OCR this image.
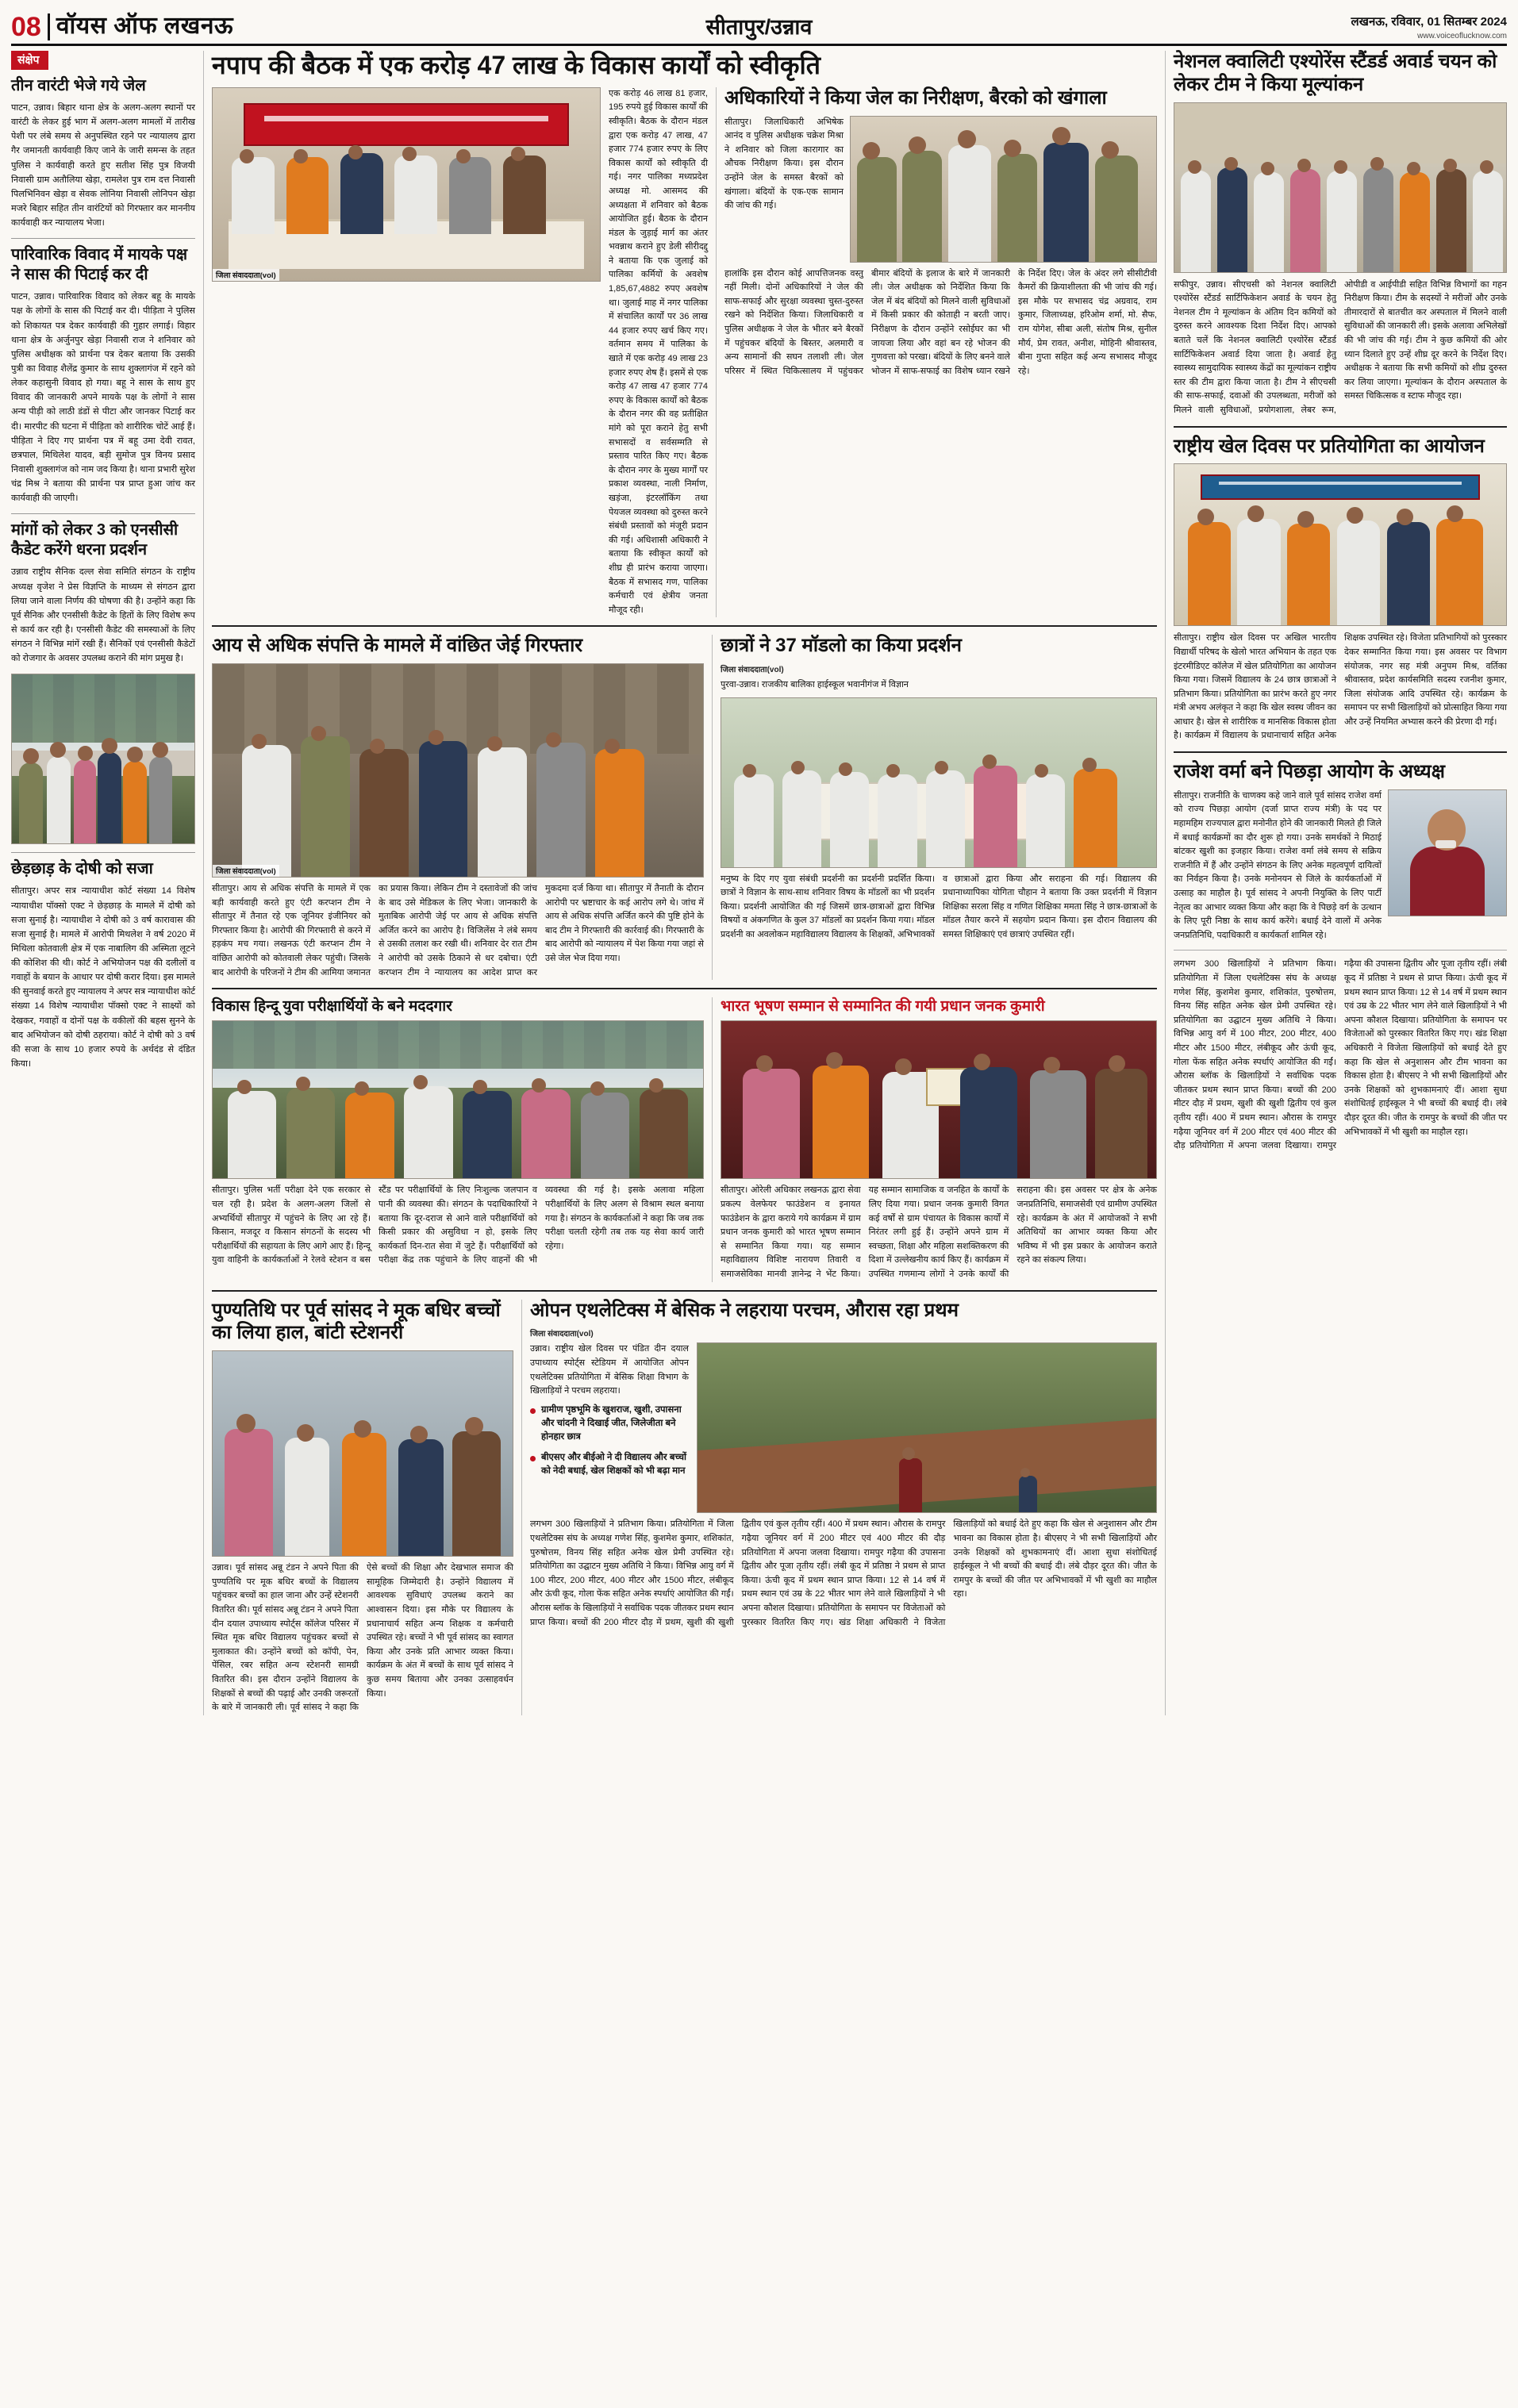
08 वॉयस ऑफ लखनऊ	सीतापुर/उन्नाव	लखनऊ, रविवार, 01 सितम्बर 2024
www.voiceoflucknow.com
संक्षेप
तीन वारंटी भेजे गये जेल
पाटन, उन्नाव। बिहार थाना क्षेत्र के अलग-अलग स्थानों पर वारंटी के लेकर हुई भाग में अलग-अलग मामलों में तारीख पेशी पर लंबे समय से अनुपस्थित रहने पर न्यायालय द्वारा गैर जमानती कार्यवाही किए जाने के जारी समन्स के तहत पुलिस ने कार्यवाही करते हुए सतीश सिंह पुत्र विजयी निवासी ग्राम अतौलिया खेड़ा, रामलेश पुत्र राम दत्त निवासी पिलभिनिवन खेड़ा व सेवक लोनिया निवासी लोनिपन खेड़ा मजरे बिहार सहित तीन वारंटियों को गिरफ्तार कर माननीय कार्यवाही कर न्यायालय भेजा।
पारिवारिक विवाद में मायके पक्ष ने सास की पिटाई कर दी
पाटन, उन्नाव। पारिवारिक विवाद को लेकर बहू के मायके पक्ष के लोगों के सास की पिटाई कर दी। पीड़िता ने पुलिस को शिकायत पत्र देकर कार्यवाही की गुहार लगाई। विहार थाना क्षेत्र के अर्जुनपुर खेड़ा निवासी राज ने शनिवार को पुलिस अधीक्षक को प्रार्थना पत्र देकर बताया कि उसकी पुत्री का विवाह शैलेंद्र कुमार के साथ शुक्लागंज में रहने को लेकर कहासुनी विवाद हो गया। बहू ने सास के साथ हुए विवाद की जानकारी अपने मायके पक्ष के लोगों ने सास अन्य पीड़ी को लाठी डंडों से पीटा और जानकर पिटाई कर दी। मारपीट की घटना में पीड़िता को शारीरिक चोटें आई हैं। पीड़िता ने दिए गए प्रार्थना पत्र में बहू उमा देवी रावत, छत्रपाल, मिथिलेश यादव, बड़ी सुमोज पुत्र विनय प्रसाद निवासी शुक्लागंज को नाम जद किया है। थाना प्रभारी सुरेश चंद्र मिश्र ने बताया की प्रार्थना पत्र प्राप्त हुआ जांच कर कार्यवाही की जाएगी।
मांगों को लेकर 3 को एनसीसी कैडेट करेंगे धरना प्रदर्शन
उन्नाव राष्ट्रीय सैनिक दल्ल सेवा समिति संगठन के राष्ट्रीय अध्यक्ष वृजेश ने प्रेस विज्ञप्ति के माध्यम से संगठन द्वारा लिया जाने वाला निर्णय की घोषणा की है। उन्होंने कहा कि पूर्व सैनिक और एनसीसी कैडेट के हितों के लिए विशेष रूप से कार्य कर रही है। एनसीसी कैडेट की समस्याओं के लिए संगठन ने विभिन्न मांगें रखी हैं। सैनिकों एवं एनसीसी कैडेटों को रोजगार के अवसर उपलब्ध कराने की मांग प्रमुख है।
छेड़छाड़ के दोषी को सजा
सीतापुर। अपर सत्र न्यायाधीश कोर्ट संख्या 14 विशेष न्यायाधीश पॉक्सो एक्ट ने छेड़छाड़ के मामले में दोषी को सजा सुनाई है। न्यायाधीश ने दोषी को 3 वर्ष कारावास की सजा सुनाई है। मामले में आरोपी मिथलेश ने वर्ष 2020 में मिथिला कोतवाली क्षेत्र में एक नाबालिग की अस्मिता लूटने की कोशिश की थी। कोर्ट ने अभियोजन पक्ष की दलीलों व गवाहों के बयान के आधार पर दोषी करार दिया। इस मामले की सुनवाई करते हुए न्यायालय ने अपर सत्र न्यायाधीश कोर्ट संख्या 14 विशेष न्यायाधीश पॉक्सो एक्ट ने साक्ष्यों को देखकर, गवाहों व दोनों पक्ष के वकीलों की बहस सुनने के बाद अभियोजन को दोषी ठहराया। कोर्ट ने दोषी को 3 वर्ष की सजा के साथ 10 हजार रुपये के अर्थदंड से दंडित किया।
नपाप की बैठक में एक करोड़ 47 लाख के विकास कार्यों को स्वीकृति
जिला संवाददाता(vol)
एक करोड़ 46 लाख 81 हजार, 195 रुपये हुई विकास कार्यों की स्वीकृति। बैठक के दौरान मंडल द्वारा एक करोड़ 47 लाख, 47 हजार 774 हजार रुपए के लिए विकास कार्यों को स्वीकृति दी गई। नगर पालिका मध्यप्रदेश अध्यक्ष मो. आसमद की अध्यक्षता में शनिवार को बैठक आयोजित हुई। बैठक के दौरान मंडल के जुड़ाई मार्ग का अंतर भवन्नाथ कराने हुए डेली सीरीदद्दु ने बताया कि एक जुलाई को पालिका कर्मियों के अवशेष 1,85,67,4882 रुपए अवशेष था। जुलाई माह में नगर पालिका में संचालित कार्यों पर 36 लाख 44 हजार रुपए खर्च किए गए। वर्तमान समय में पालिका के खाते में एक करोड़ 49 लाख 23 हजार रुपए शेष हैं। इसमें से एक करोड़ 47 लाख 47 हजार 774 रुपए के विकास कार्यों को बैठक के दौरान नगर की वह प्रतीक्षित मांगे को पूरा कराने हेतु सभी सभासदों व सर्वसम्मति से प्रस्ताव पारित किए गए। बैठक के दौरान नगर के मुख्य मार्गों पर प्रकाश व्यवस्था, नाली निर्माण, खड़ंजा, इंटरलॉकिंग तथा पेयजल व्यवस्था को दुरुस्त करने संबंधी प्रस्तावों को मंजूरी प्रदान की गई। अधिशासी अधिकारी ने बताया कि स्वीकृत कार्यों को शीघ्र ही प्रारंभ कराया जाएगा। बैठक में सभासद गण, पालिका कर्मचारी एवं क्षेत्रीय जनता मौजूद रही।
अधिकारियों ने किया जेल का निरीक्षण, बैरको को खंगाला
सीतापुर। जिलाधिकारी अभिषेक आनंद व पुलिस अधीक्षक चक्रेश मिश्रा ने शनिवार को जिला कारागार का औचक निरीक्षण किया। इस दौरान उन्होंने जेल के समस्त बैरकों को खंगाला। बंदियों के एक-एक सामान की जांच की गई।
हालांकि इस दौरान कोई आपत्तिजनक वस्तु नहीं मिली। दोनों अधिकारियों ने जेल की साफ-सफाई और सुरक्षा व्यवस्था चुस्त-दुरुस्त रखने को निर्देशित किया। जिलाधिकारी व पुलिस अधीक्षक ने जेल के भीतर बने बैरकों में पहुंचकर बंदियों के बिस्तर, अलमारी व अन्य सामानों की सघन तलाशी ली। जेल परिसर में स्थित चिकित्सालय में पहुंचकर बीमार बंदियों के इलाज के बारे में जानकारी ली। जेल अधीक्षक को निर्देशित किया कि जेल में बंद बंदियों को मिलने वाली सुविधाओं में किसी प्रकार की कोताही न बरती जाए। निरीक्षण के दौरान उन्होंने रसोईघर का भी जायजा लिया और वहां बन रहे भोजन की गुणवत्ता को परखा। बंदियों के लिए बनने वाले भोजन में साफ-सफाई का विशेष ध्यान रखने के निर्देश दिए। जेल के अंदर लगे सीसीटीवी कैमरों की क्रियाशीलता की भी जांच की गई। इस मौके पर सभासद चंद्र अग्रवाद, राम कुमार, जिलाध्यक्ष, हरिओम शर्मा, मो. सैफ, राम योगेश, सीबा अली, संतोष मिश्र, सुनील मौर्य, प्रेम रावत, अनीश, मोहिनी श्रीवास्तव, बीना गुप्ता सहित कई अन्य सभासद मौजूद रहे।
आय से अधिक संपत्ति के मामले में वांछित जेई गिरफ्तार
जिला संवाददाता(vol)
सीतापुर। आय से अधिक संपत्ति के मामले में एक बड़ी कार्यवाही करते हुए एंटी करप्शन टीम ने सीतापुर में तैनात रहे एक जूनियर इंजीनियर को गिरफ्तार किया है। आरोपी की गिरफ्तारी से करने में हड़कंप मच गया। लखनऊ एंटी करप्शन टीम ने वांछित आरोपी को कोतवाली लेकर पहुंची। जिसके बाद आरोपी के परिजनों ने टीम की आमिया जमानत का प्रयास किया। लेकिन टीम ने दस्तावेजों की जांच के बाद उसे मेडिकल के लिए भेजा। जानकारी के मुताबिक आरोपी जेई पर आय से अधिक संपत्ति अर्जित करने का आरोप है। विजिलेंस ने लंबे समय से उसकी तलाश कर रखी थी। शनिवार देर रात टीम ने आरोपी को उसके ठिकाने से धर दबोचा। एंटी करप्शन टीम ने न्यायालय का आदेश प्राप्त कर मुकदमा दर्ज किया था। सीतापुर में तैनाती के दौरान आरोपी पर भ्रष्टाचार के कई आरोप लगे थे। जांच में आय से अधिक संपत्ति अर्जित करने की पुष्टि होने के बाद टीम ने गिरफ्तारी की कार्रवाई की। गिरफ्तारी के बाद आरोपी को न्यायालय में पेश किया गया जहां से उसे जेल भेज दिया गया।
छात्रों ने 37 मॉडलो का किया प्रदर्शन
जिला संवाददाता(vol)
पुरवा-उन्नाव। राजकीय बालिका हाईस्कूल भवानीगंज में विज्ञान
मनुष्य के दिए गए युवा संबंधी प्रदर्शनी का प्रदर्शनी प्रदर्शित किया। छात्रों ने विज्ञान के साथ-साथ शनिवार विषय के मॉडलों का भी प्रदर्शन किया। प्रदर्शनी आयोजित की गई जिसमें छात्र-छात्राओं द्वारा विभिन्न विषयों व अंकगणित के कुल 37 मॉडलों का प्रदर्शन किया गया। मॉडल प्रदर्शनी का अवलोकन महाविद्यालय विद्यालय के शिक्षकों, अभिभावकों व छात्राओं द्वारा किया और सराहना की गई। विद्यालय की प्रधानाध्यापिका योगिता चौहान ने बताया कि उक्त प्रदर्शनी में विज्ञान शिक्षिका सरला सिंह व गणित शिक्षिका ममता सिंह ने छात्र-छात्राओं के मॉडल तैयार करने में सहयोग प्रदान किया। इस दौरान विद्यालय की समस्त शिक्षिकाएं एवं छात्राएं उपस्थित रहीं।
विकास हिन्दू युवा परीक्षार्थियों के बने मददगार
सीतापुर। पुलिस भर्ती परीक्षा देने एक सरकार से चल रही है। प्रदेश के अलग-अलग जिलों से अभ्यर्थियों सीतापुर में पहुंचने के लिए आ रहे हैं। किसान, मजदूर व किसान संगठनों के सदस्य भी परीक्षार्थियों की सहायता के लिए आगे आए हैं। हिन्दू युवा वाहिनी के कार्यकर्ताओं ने रेलवे स्टेशन व बस स्टैंड पर परीक्षार्थियों के लिए निःशुल्क जलपान व पानी की व्यवस्था की। संगठन के पदाधिकारियों ने बताया कि दूर-दराज से आने वाले परीक्षार्थियों को किसी प्रकार की असुविधा न हो, इसके लिए कार्यकर्ता दिन-रात सेवा में जुटे हैं। परीक्षार्थियों को परीक्षा केंद्र तक पहुंचाने के लिए वाहनों की भी व्यवस्था की गई है। इसके अलावा महिला परीक्षार्थियों के लिए अलग से विश्राम स्थल बनाया गया है। संगठन के कार्यकर्ताओं ने कहा कि जब तक परीक्षा चलती रहेगी तब तक यह सेवा कार्य जारी रहेगा।
भारत भूषण सम्मान से सम्मानित की गयी प्रधान जनक कुमारी
सीतापुर। ओरेली अधिकार लखनऊ द्वारा सेवा प्रकल्प वेलफेयर फाउंडेशन व इनायत फाउंडेशन के द्वारा कराये गये कार्यक्रम में ग्राम प्रधान जनक कुमारी को भारत भूषण सम्मान से सम्मानित किया गया। यह सम्मान महाविद्यालय विशिष्ट नारायण तिवारी व समाजसेविका मानवी ज्ञानेन्द्र ने भेंट किया। यह सम्मान सामाजिक व जनहित के कार्यों के लिए दिया गया। प्रधान जनक कुमारी विगत कई वर्षों से ग्राम पंचायत के विकास कार्यों में निरंतर लगी हुई हैं। उन्होंने अपने ग्राम में स्वच्छता, शिक्षा और महिला सशक्तिकरण की दिशा में उल्लेखनीय कार्य किए हैं। कार्यक्रम में उपस्थित गणमान्य लोगों ने उनके कार्यों की सराहना की। इस अवसर पर क्षेत्र के अनेक जनप्रतिनिधि, समाजसेवी एवं ग्रामीण उपस्थित रहे। कार्यक्रम के अंत में आयोजकों ने सभी अतिथियों का आभार व्यक्त किया और भविष्य में भी इस प्रकार के आयोजन कराते रहने का संकल्प लिया।
पुण्यतिथि पर पूर्व सांसद ने मूक बधिर बच्चों का लिया हाल, बांटी स्टेशनरी
उन्नाव। पूर्व सांसद अन्नू टंडन ने अपने पिता की पुण्यतिथि पर मूक बधिर बच्चों के विद्यालय पहुंचकर बच्चों का हाल जाना और उन्हें स्टेशनरी वितरित की। पूर्व सांसद अन्नू टंडन ने अपने पिता दीन दयाल उपाध्याय स्पोर्ट्स कॉलेज परिसर में स्थित मूक बधिर विद्यालय पहुंचकर बच्चों से मुलाकात की। उन्होंने बच्चों को कॉपी, पेन, पेंसिल, रबर सहित अन्य स्टेशनरी सामग्री वितरित की। इस दौरान उन्होंने विद्यालय के शिक्षकों से बच्चों की पढ़ाई और उनकी जरूरतों के बारे में जानकारी ली। पूर्व सांसद ने कहा कि ऐसे बच्चों की शिक्षा और देखभाल समाज की सामूहिक जिम्मेदारी है। उन्होंने विद्यालय में आवश्यक सुविधाएं उपलब्ध कराने का आश्वासन दिया। इस मौके पर विद्यालय के प्रधानाचार्य सहित अन्य शिक्षक व कर्मचारी उपस्थित रहे। बच्चों ने भी पूर्व सांसद का स्वागत किया और उनके प्रति आभार व्यक्त किया। कार्यक्रम के अंत में बच्चों के साथ पूर्व सांसद ने कुछ समय बिताया और उनका उत्साहवर्धन किया।
ओपन एथलेटिक्स में बेसिक ने लहराया परचम, औरास रहा प्रथम
जिला संवाददाता(vol)
उन्नाव। राष्ट्रीय खेल दिवस पर पंडित दीन दयाल उपाध्याय स्पोर्ट्स स्टेडियम में आयोजित ओपन एथलेटिक्स प्रतियोगिता में बेसिक शिक्षा विभाग के खिलाड़ियों ने परचम लहराया।
ग्रामीण पृष्ठभूमि के खुशराज, खुशी, उपासना और चांदनी ने दिखाई जीत, जिलेजीता बने होनहार छात्र
बीएसए और बीईओ ने दी विद्यालय और बच्चों को नेदी बधाई, खेल शिक्षकों को भी बढ़ा मान
लगभग 300 खिलाड़ियों ने प्रतिभाग किया। प्रतियोगिता में जिला एथलेटिक्स संघ के अध्यक्ष गणेश सिंह, कुशमेश कुमार, शशिकांत, पुरुषोत्तम, विनय सिंह सहित अनेक खेल प्रेमी उपस्थित रहे। प्रतियोगिता का उद्घाटन मुख्य अतिथि ने किया। विभिन्न आयु वर्ग में 100 मीटर, 200 मीटर, 400 मीटर और 1500 मीटर, लंबीकूद और ऊंची कूद, गोला फेंक सहित अनेक स्पर्धाएं आयोजित की गईं। औरास ब्लॉक के खिलाड़ियों ने सर्वाधिक पदक जीतकर प्रथम स्थान प्राप्त किया। बच्चों की 200 मीटर दौड़ में प्रथम, खुशी की खुशी द्वितीय एवं कुल तृतीय रहीं। 400 में प्रथम स्थान। औरास के रामपुर गढ़ैया जूनियर वर्ग में 200 मीटर एवं 400 मीटर की दौड़ प्रतियोगिता में अपना जलवा दिखाया। रामपुर गढ़ैया की उपासना द्वितीय और पूजा तृतीय रहीं। लंबी कूद में प्रतिष्ठा ने प्रथम से प्राप्त किया। ऊंची कूद में प्रथम स्थान प्राप्त किया। 12 से 14 वर्ष में प्रथम स्थान एवं उम्र के 22 भीतर भाग लेने वाले खिलाड़ियों ने भी अपना कौशल दिखाया। प्रतियोगिता के समापन पर विजेताओं को पुरस्कार वितरित किए गए। खंड शिक्षा अधिकारी ने विजेता खिलाड़ियों को बधाई देते हुए कहा कि खेल से अनुशासन और टीम भावना का विकास होता है। बीएसए ने भी सभी खिलाड़ियों और उनके शिक्षकों को शुभकामनाएं दीं। आशा सुधा संशोधितई हाईस्कूल ने भी बच्चों की बधाई दी। लंबे दौड़र दूरत की। जीत के रामपुर के बच्चों की जीत पर अभिभावकों में भी खुशी का माहौल रहा।
नेशनल क्वालिटी एश्योरेंस स्टैंडर्ड अवार्ड चयन को लेकर टीम ने किया मूल्यांकन
सफीपुर, उन्नाव। सीएचसी को नेशनल क्वालिटी एश्योरेंस स्टैंडर्ड सार्टिफिकेशन अवार्ड के चयन हेतु नेशनल टीम ने मूल्यांकन के अंतिम दिन कमियों को दुरुस्त करने आवश्यक दिशा निर्देश दिए। आपको बताते चलें कि नेशनल क्वालिटी एश्योरेंस स्टैंडर्ड सार्टिफिकेशन अवार्ड दिया जाता है। अवार्ड हेतु स्वास्थ्य सामुदायिक स्वास्थ्य केंद्रों का मूल्यांकन राष्ट्रीय स्तर की टीम द्वारा किया जाता है। टीम ने सीएचसी की साफ-सफाई, दवाओं की उपलब्धता, मरीजों को मिलने वाली सुविधाओं, प्रयोगशाला, लेबर रूम, ओपीडी व आईपीडी सहित विभिन्न विभागों का गहन निरीक्षण किया। टीम के सदस्यों ने मरीजों और उनके तीमारदारों से बातचीत कर अस्पताल में मिलने वाली सुविधाओं की जानकारी ली। इसके अलावा अभिलेखों की भी जांच की गई। टीम ने कुछ कमियों की ओर ध्यान दिलाते हुए उन्हें शीघ्र दूर करने के निर्देश दिए। अधीक्षक ने बताया कि सभी कमियों को शीघ्र दुरुस्त कर लिया जाएगा। मूल्यांकन के दौरान अस्पताल के समस्त चिकित्सक व स्टाफ मौजूद रहा।
राष्ट्रीय खेल दिवस पर प्रतियोगिता का आयोजन
सीतापुर। राष्ट्रीय खेल दिवस पर अखिल भारतीय विद्यार्थी परिषद के खेलो भारत अभियान के तहत एक इंटरमीडिएट कॉलेज में खेल प्रतियोगिता का आयोजन किया गया। जिसमें विद्यालय के 24 छात्र छात्राओं ने प्रतिभाग किया। प्रतियोगिता का प्रारंभ करते हुए नगर मंत्री अभय अलंकृत ने कहा कि खेल स्वस्थ जीवन का आधार है। खेल से शारीरिक व मानसिक विकास होता है। कार्यक्रम में विद्यालय के प्रधानाचार्य सहित अनेक शिक्षक उपस्थित रहे। विजेता प्रतिभागियों को पुरस्कार देकर सम्मानित किया गया। इस अवसर पर विभाग संयोजक, नगर सह मंत्री अनुपम मिश्र, वर्तिका श्रीवास्तव, प्रदेश कार्यसमिति सदस्य रजनीश कुमार, जिला संयोजक आदि उपस्थित रहे। कार्यक्रम के समापन पर सभी खिलाड़ियों को प्रोत्साहित किया गया और उन्हें नियमित अभ्यास करने की प्रेरणा दी गई।
राजेश वर्मा बने पिछड़ा आयोग के अध्यक्ष
सीतापुर। राजनीति के चाणक्य कहे जाने वाले पूर्व सांसद राजेश वर्मा को राज्य पिछड़ा आयोग (दर्जा प्राप्त राज्य मंत्री) के पद पर महामहिम राज्यपाल द्वारा मनोनीत होने की जानकारी मिलते ही जिले में बधाई कार्यक्रमों का दौर शुरू हो गया। उनके समर्थकों ने मिठाई बांटकर खुशी का इजहार किया। राजेश वर्मा लंबे समय से सक्रिय राजनीति में हैं और उन्होंने संगठन के लिए अनेक महत्वपूर्ण दायित्वों का निर्वहन किया है। उनके मनोनयन से जिले के कार्यकर्ताओं में उत्साह का माहौल है। पूर्व सांसद ने अपनी नियुक्ति के लिए पार्टी नेतृत्व का आभार व्यक्त किया और कहा कि वे पिछड़े वर्ग के उत्थान के लिए पूरी निष्ठा के साथ कार्य करेंगे। बधाई देने वालों में अनेक जनप्रतिनिधि, पदाधिकारी व कार्यकर्ता शामिल रहे।
लगभग 300 खिलाड़ियों ने प्रतिभाग किया। प्रतियोगिता में जिला एथलेटिक्स संघ के अध्यक्ष गणेश सिंह, कुशमेश कुमार, शशिकांत, पुरुषोत्तम, विनय सिंह सहित अनेक खेल प्रेमी उपस्थित रहे। प्रतियोगिता का उद्घाटन मुख्य अतिथि ने किया। विभिन्न आयु वर्ग में 100 मीटर, 200 मीटर, 400 मीटर और 1500 मीटर, लंबीकूद और ऊंची कूद, गोला फेंक सहित अनेक स्पर्धाएं आयोजित की गईं। औरास ब्लॉक के खिलाड़ियों ने सर्वाधिक पदक जीतकर प्रथम स्थान प्राप्त किया। बच्चों की 200 मीटर दौड़ में प्रथम, खुशी की खुशी द्वितीय एवं कुल तृतीय रहीं। 400 में प्रथम स्थान। औरास के रामपुर गढ़ैया जूनियर वर्ग में 200 मीटर एवं 400 मीटर की दौड़ प्रतियोगिता में अपना जलवा दिखाया। रामपुर गढ़ैया की उपासना द्वितीय और पूजा तृतीय रहीं। लंबी कूद में प्रतिष्ठा ने प्रथम से प्राप्त किया। ऊंची कूद में प्रथम स्थान प्राप्त किया। 12 से 14 वर्ष में प्रथम स्थान एवं उम्र के 22 भीतर भाग लेने वाले खिलाड़ियों ने भी अपना कौशल दिखाया। प्रतियोगिता के समापन पर विजेताओं को पुरस्कार वितरित किए गए। खंड शिक्षा अधिकारी ने विजेता खिलाड़ियों को बधाई देते हुए कहा कि खेल से अनुशासन और टीम भावना का विकास होता है। बीएसए ने भी सभी खिलाड़ियों और उनके शिक्षकों को शुभकामनाएं दीं। आशा सुधा संशोधितई हाईस्कूल ने भी बच्चों की बधाई दी। लंबे दौड़र दूरत की। जीत के रामपुर के बच्चों की जीत पर अभिभावकों में भी खुशी का माहौल रहा।
